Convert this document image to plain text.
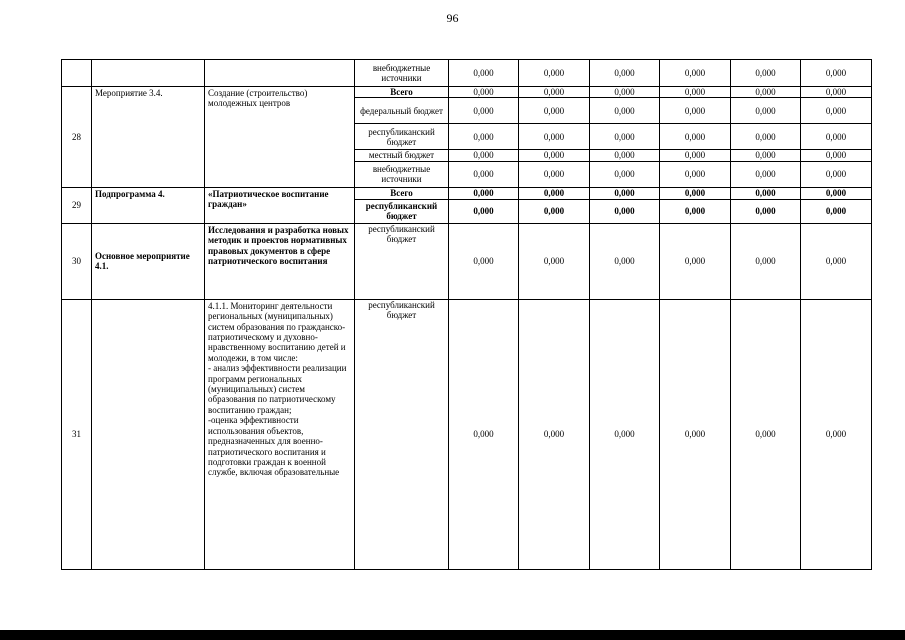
96
			внебюджетные источники	0,000	0,000	0,000	0,000	0,000	0,000
28	Мероприятие 3.4.	Создание (строительство) молодежных центров	Всего	0,000	0,000	0,000	0,000	0,000	0,000
			федеральный бюджет	0,000	0,000	0,000	0,000	0,000	0,000
			республиканский бюджет	0,000	0,000	0,000	0,000	0,000	0,000
			местный бюджет	0,000	0,000	0,000	0,000	0,000	0,000
			внебюджетные источники	0,000	0,000	0,000	0,000	0,000	0,000
29	Подпрограмма 4.	«Патриотическое воспитание граждан»	Всего	0,000	0,000	0,000	0,000	0,000	0,000
			республиканский бюджет	0,000	0,000	0,000	0,000	0,000	0,000
30	Основное мероприятие 4.1.	Исследования и разработка новых методик и проектов нормативных правовых документов в сфере патриотического воспитания	республиканский бюджет	0,000	0,000	0,000	0,000	0,000	0,000
31		4.1.1. Мониторинг деятельности региональных (муниципальных) систем образования по гражданско-патриотическому и духовно-нравственному воспитанию детей и молодежи, в том числе:
- анализ эффективности реализации программ региональных (муниципальных) систем образования по патриотическому воспитанию граждан;
-оценка эффективности использования объектов, предназначенных для военно-патриотического воспитания и подготовки граждан к военной службе, включая образовательные	республиканский бюджет	0,000	0,000	0,000	0,000	0,000	0,000
